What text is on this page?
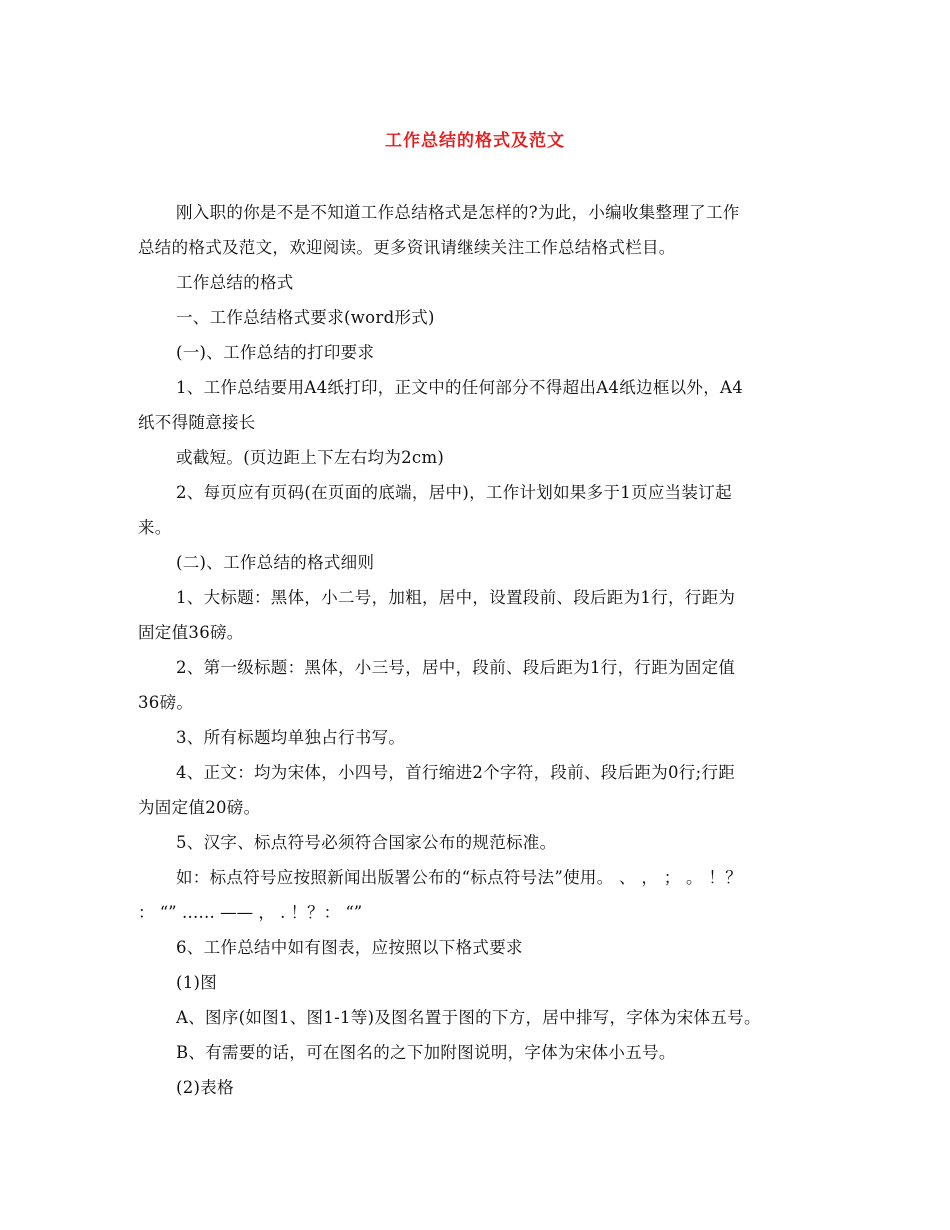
工作总结的格式及范文
刚入职的你是不是不知道工作总结格式是怎样的?为此，小编收集整理了工作
总结的格式及范文，欢迎阅读。更多资讯请继续关注工作总结格式栏目。
工作总结的格式
一、工作总结格式要求(word形式)
(一)、工作总结的打印要求
1、工作总结要用A4纸打印，正文中的任何部分不得超出A4纸边框以外，A4
纸不得随意接长
或截短。(页边距上下左右均为2cm)
2、每页应有页码(在页面的底端，居中)，工作计划如果多于1页应当装订起
来。
(二)、工作总结的格式细则
1、大标题：黑体，小二号，加粗，居中，设置段前、段后距为1行，行距为
固定值36磅。
2、第一级标题：黑体，小三号，居中，段前、段后距为1行，行距为固定值
36磅。
3、所有标题均单独占行书写。
4、正文：均为宋体，小四号，首行缩进2个字符，段前、段后距为0行;行距
为固定值20磅。
5、汉字、标点符号必须符合国家公布的规范标准。
如：标点符号应按照新闻出版署公布的“标点符号法”使用。 、 ， ； 。 ！？
： “” …… —— ， . ！？： “”
6、工作总结中如有图表，应按照以下格式要求
(1)图
A、图序(如图1、图1-1等)及图名置于图的下方，居中排写，字体为宋体五号。
B、有需要的话，可在图名的之下加附图说明，字体为宋体小五号。
(2)表格
